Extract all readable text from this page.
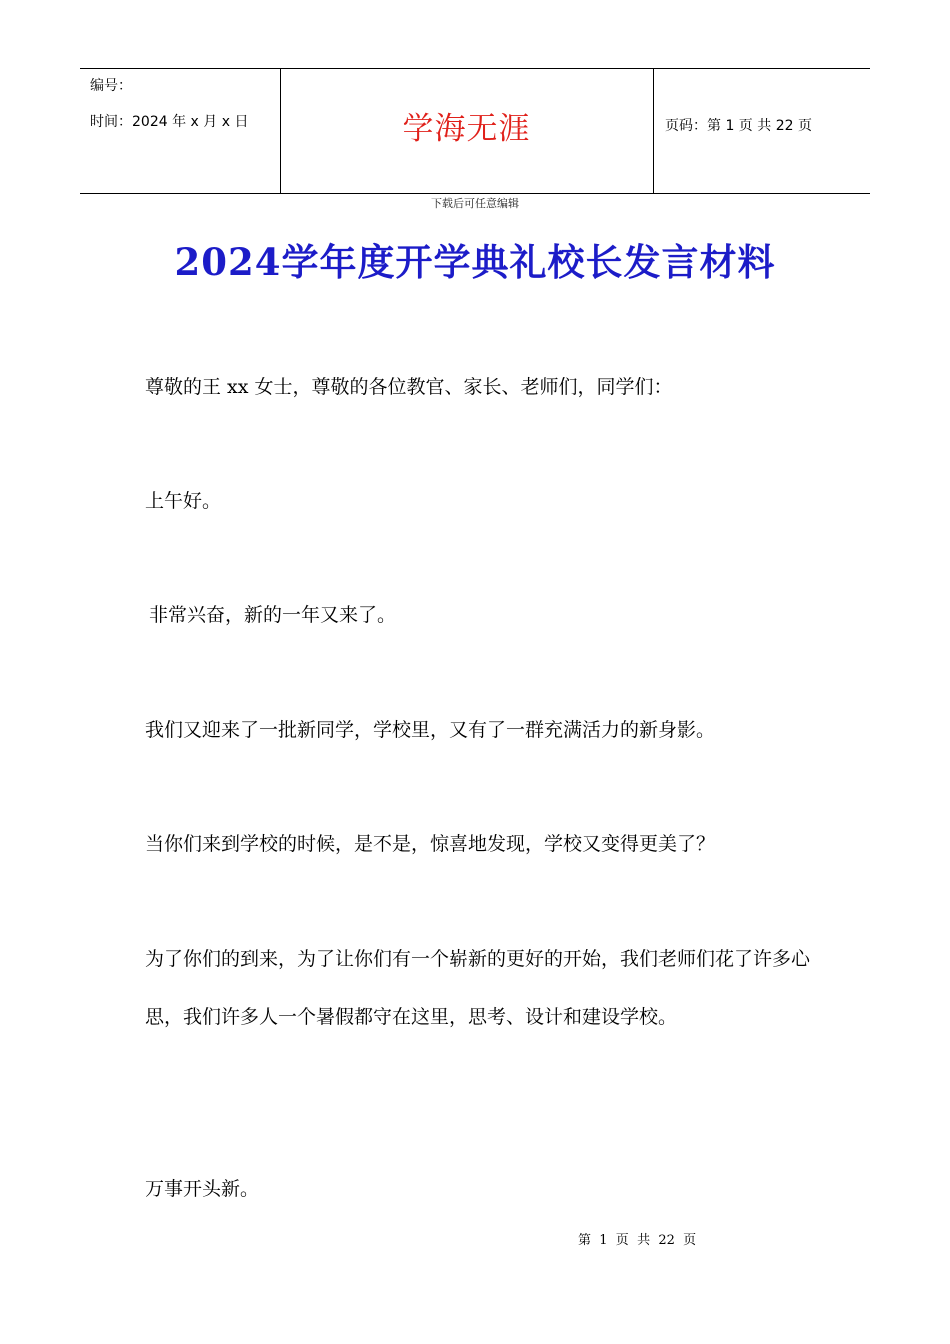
编号：
时间：2024 年 x 月 x 日	学海无涯	页码：第 1 页 共 22 页
下载后可任意编辑
2024学年度开学典礼校长发言材料

尊敬的王 xx 女士，尊敬的各位教官、家长、老师们，同学们：

上午好。

非常兴奋，新的一年又来了。

我们又迎来了一批新同学，学校里，又有了一群充满活力的新身影。

当你们来到学校的时候，是不是，惊喜地发现，学校又变得更美了？

为了你们的到来，为了让你们有一个崭新的更好的开始，我们老师们花了许多心思，我们许多人一个暑假都守在这里，思考、设计和建设学校。

万事开头新。

第  1  页  共  22  页
